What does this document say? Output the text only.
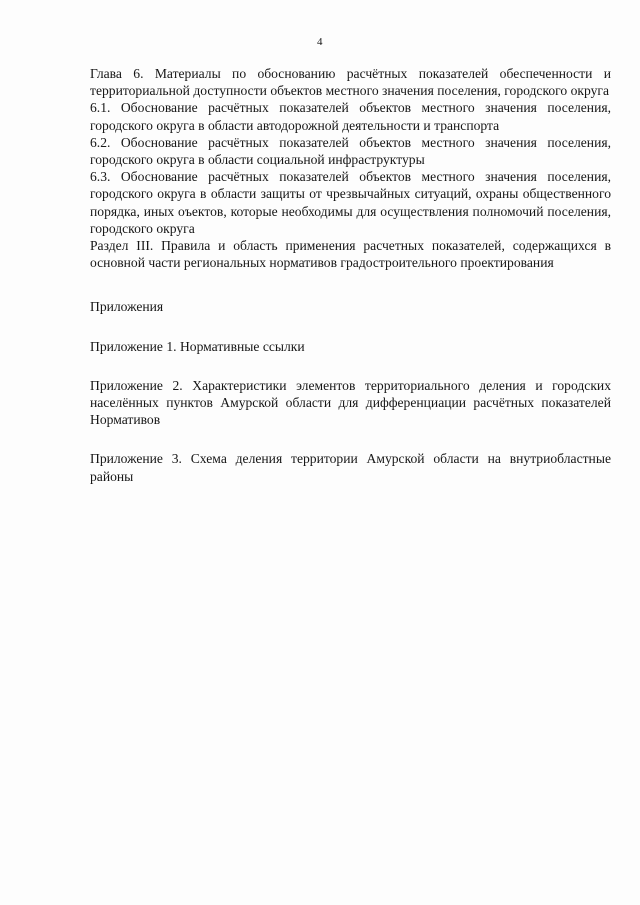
4

Глава 6. Материалы по обоснованию расчётных показателей обеспеченности и территориальной доступности объектов местного значения поселения, городского округа

6.1. Обоснование расчётных показателей объектов местного значения поселения, городского округа в области автодорожной деятельности и транспорта

6.2. Обоснование расчётных показателей объектов местного значения поселения, городского округа в области социальной инфраструктуры

6.3. Обоснование расчётных показателей объектов местного значения поселения, городского округа в области защиты от чрезвычайных ситуаций, охраны общественного порядка, иных оъектов, которые необходимы для осуществления полномочий поселения, городского округа

Раздел III. Правила и область применения расчетных показателей, содержащихся в основной части региональных нормативов градостроительного проектирования

Приложения

Приложение 1. Нормативные ссылки

Приложение 2. Характеристики элементов территориального деления и городских населённых пунктов Амурской области для дифференциации расчётных показателей Нормативов

Приложение 3. Схема деления территории Амурской области на внутриобластные районы
